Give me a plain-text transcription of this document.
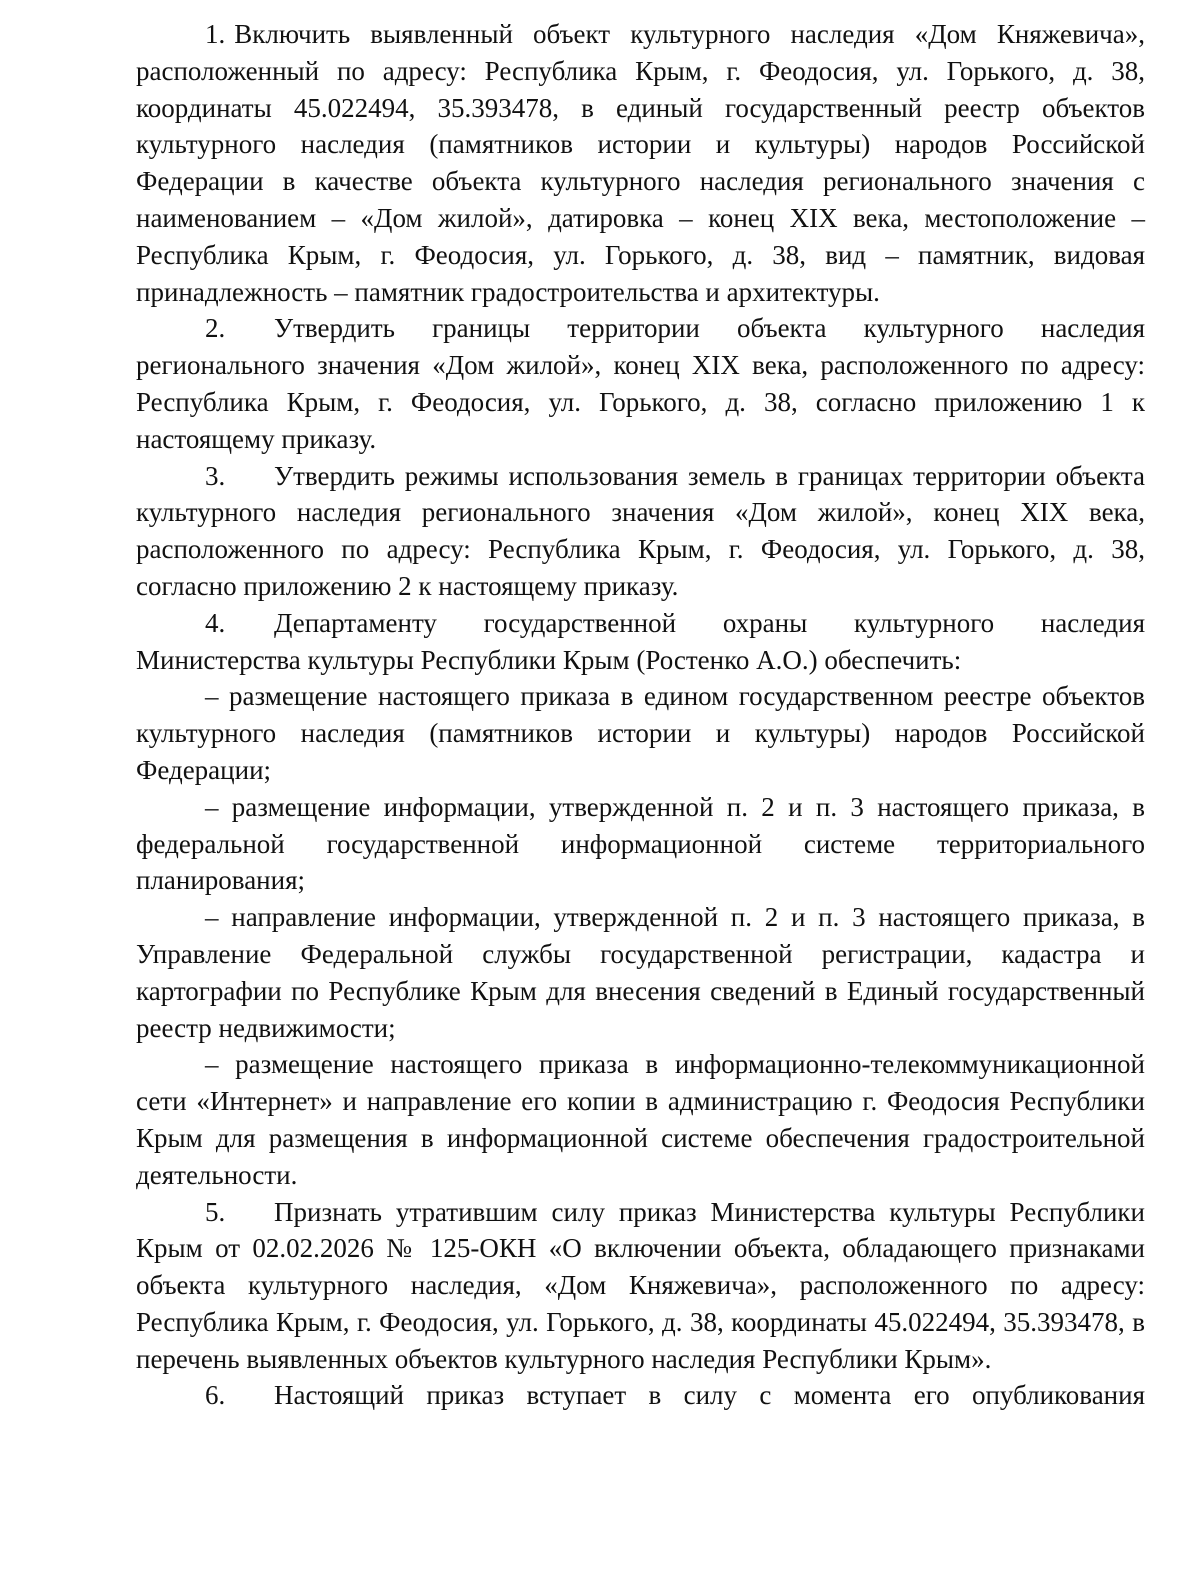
1. Включить выявленный объект культурного наследия «Дом Княжевича», расположенный по адресу: Республика Крым, г. Феодосия, ул. Горького, д. 38, координаты 45.022494, 35.393478, в единый государственный реестр объектов культурного наследия (памятников истории и культуры) народов Российской Федерации в качестве объекта культурного наследия регионального значения с наименованием – «Дом жилой», датировка – конец XIX века, местоположение – Республика Крым, г. Феодосия, ул. Горького, д. 38, вид – памятник, видовая принадлежность – памятник градостроительства и архитектуры.

2. Утвердить границы территории объекта культурного наследия регионального значения «Дом жилой», конец XIX века, расположенного по адресу: Республика Крым, г. Феодосия, ул. Горького, д. 38, согласно приложению 1 к настоящему приказу.

3. Утвердить режимы использования земель в границах территории объекта культурного наследия регионального значения «Дом жилой», конец XIX века, расположенного по адресу: Республика Крым, г. Феодосия, ул. Горького, д. 38, согласно приложению 2 к настоящему приказу.

4. Департаменту государственной охраны культурного наследия Министерства культуры Республики Крым (Ростенко А.О.) обеспечить:

– размещение настоящего приказа в едином государственном реестре объектов культурного наследия (памятников истории и культуры) народов Российской Федерации;

– размещение информации, утвержденной п. 2 и п. 3 настоящего приказа, в федеральной государственной информационной системе территориального планирования;

– направление информации, утвержденной п. 2 и п. 3 настоящего приказа, в Управление Федеральной службы государственной регистрации, кадастра и картографии по Республике Крым для внесения сведений в Единый государственный реестр недвижимости;

– размещение настоящего приказа в информационно-телекоммуникационной сети «Интернет» и направление его копии в администрацию г. Феодосия Республики Крым для размещения в информационной системе обеспечения градостроительной деятельности.

5. Признать утратившим силу приказ Министерства культуры Республики Крым от 02.02.2026 № 125-ОКН «О включении объекта, обладающего признаками объекта культурного наследия, «Дом Княжевича», расположенного по адресу: Республика Крым, г. Феодосия, ул. Горького, д. 38, координаты 45.022494, 35.393478, в перечень выявленных объектов культурного наследия Республики Крым».

6. Настоящий приказ вступает в силу с момента его опубликования
